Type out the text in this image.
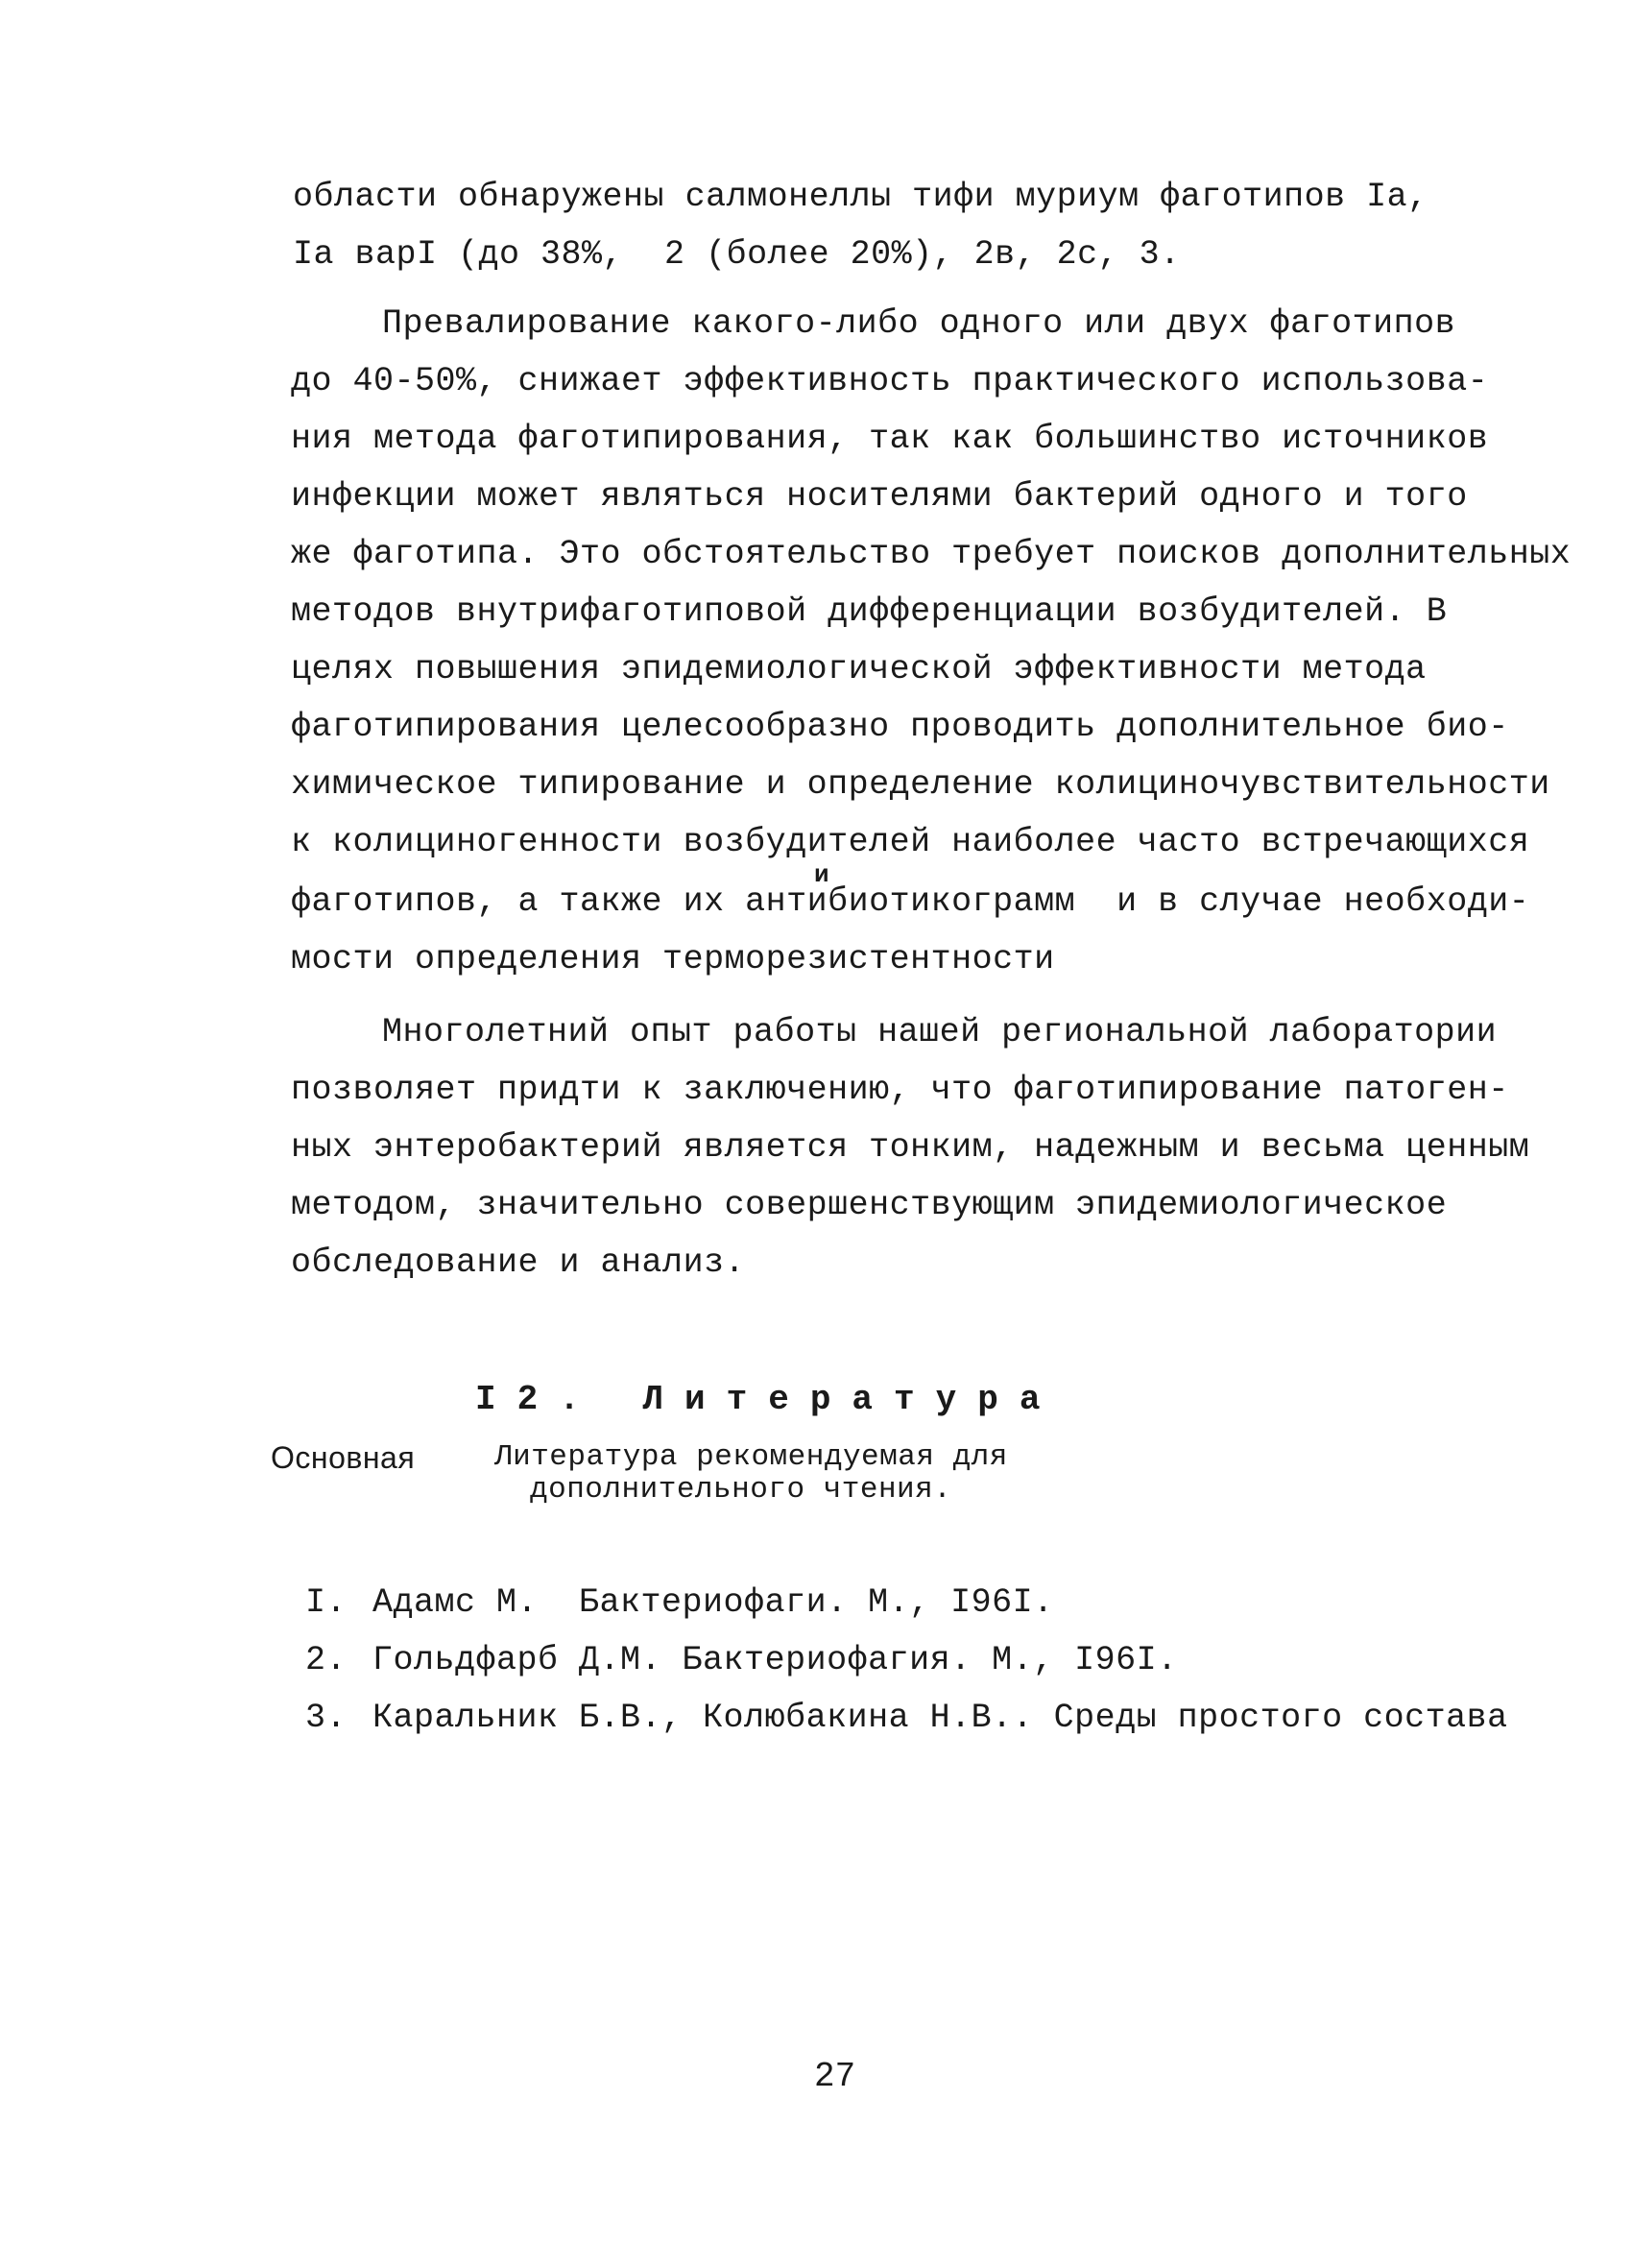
области обнаружены салмонеллы тифи муриум фаготипов Iа,
Iа варI (до 38%,  2 (более 20%), 2в, 2с, 3.
Превалирование какого-либо одного или двух фаготипов
до 40-50%, снижает эффективность практического использова-
ния метода фаготипирования, так как большинство источников
инфекции может являться носителями бактерий одного и того
же фаготипа. Это обстоятельство требует поисков дополнительных
методов внутрифаготиповой дифференциации возбудителей. В
целях повышения эпидемиологической эффективности метода
фаготипирования целесообразно проводить дополнительное био-
химическое типирование и определение колициночувствительности
к колициногенности возбудителей наиболее часто встречающихся
и
фаготипов, а также их антибиотикограмм  и в случае необходи-
мости определения термоpезистентноcти
Многолетний опыт работы нашей региональной лаборатории
позволяет придти к заключению, что фаготипирование патоген-
ных энтеробактерий является тонким, надежным и весьма ценным
методом, значительно совершенствующим эпидемиологическое
обследование и анализ.
I2. Литература
Основная	Литература рекомендуемая для
дополнительного чтения.
I. Адамс М.  Бактериофаги. М., I96I.
2. Гольдфарб Д.М. Бактериофагия. М., I96I.
3. Каральник Б.В., Колюбакина Н.В.. Среды простого состава
27
